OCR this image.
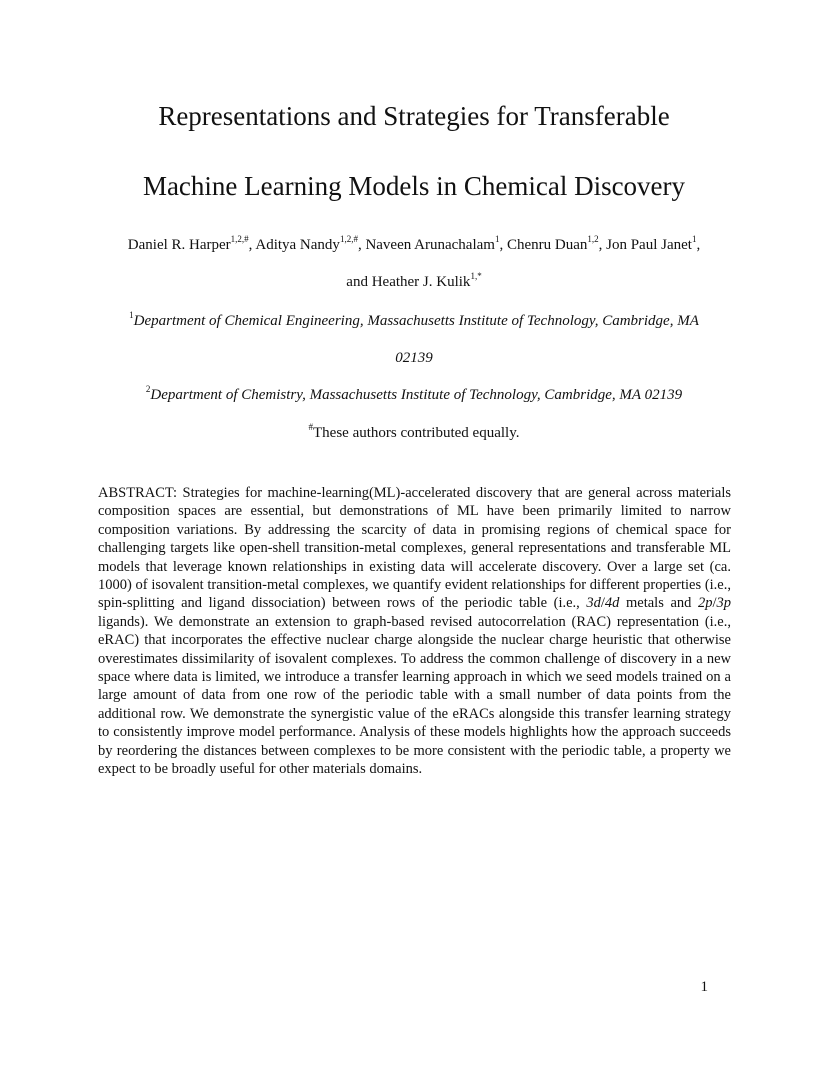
Representations and Strategies for Transferable
Machine Learning Models in Chemical Discovery
Daniel R. Harper$^{1,2,\#}$, Aditya Nandy$^{1,2,\#}$, Naveen Arunachalam$^1$, Chenru Duan$^{1,2}$, Jon Paul Janet$^1$,
and Heather J. Kulik$^{1,*}$
$^1$Department of Chemical Engineering, Massachusetts Institute of Technology, Cambridge, MA
02139
$^2$Department of Chemistry, Massachusetts Institute of Technology, Cambridge, MA 02139
#These authors contributed equally.

ABSTRACT: Strategies for machine-learning(ML)-accelerated discovery that are general across materials composition spaces are essential, but demonstrations of ML have been primarily limited to narrow composition variations. By addressing the scarcity of data in promising regions of chemical space for challenging targets like open-shell transition-metal complexes, general representations and transferable ML models that leverage known relationships in existing data will accelerate discovery. Over a large set (ca. 1000) of isovalent transition-metal complexes, we quantify evident relationships for different properties (i.e., spin-splitting and ligand dissociation) between rows of the periodic table (i.e., 3d/4d metals and 2p/3p ligands). We demonstrate an extension to graph-based revised autocorrelation (RAC) representation (i.e., eRAC) that incorporates the effective nuclear charge alongside the nuclear charge heuristic that otherwise overestimates dissimilarity of isovalent complexes. To address the common challenge of discovery in a new space where data is limited, we introduce a transfer learning approach in which we seed models trained on a large amount of data from one row of the periodic table with a small number of data points from the additional row. We demonstrate the synergistic value of the eRACs alongside this transfer learning strategy to consistently improve model performance. Analysis of these models highlights how the approach succeeds by reordering the distances between complexes to be more consistent with the periodic table, a property we expect to be broadly useful for other materials domains.

1
